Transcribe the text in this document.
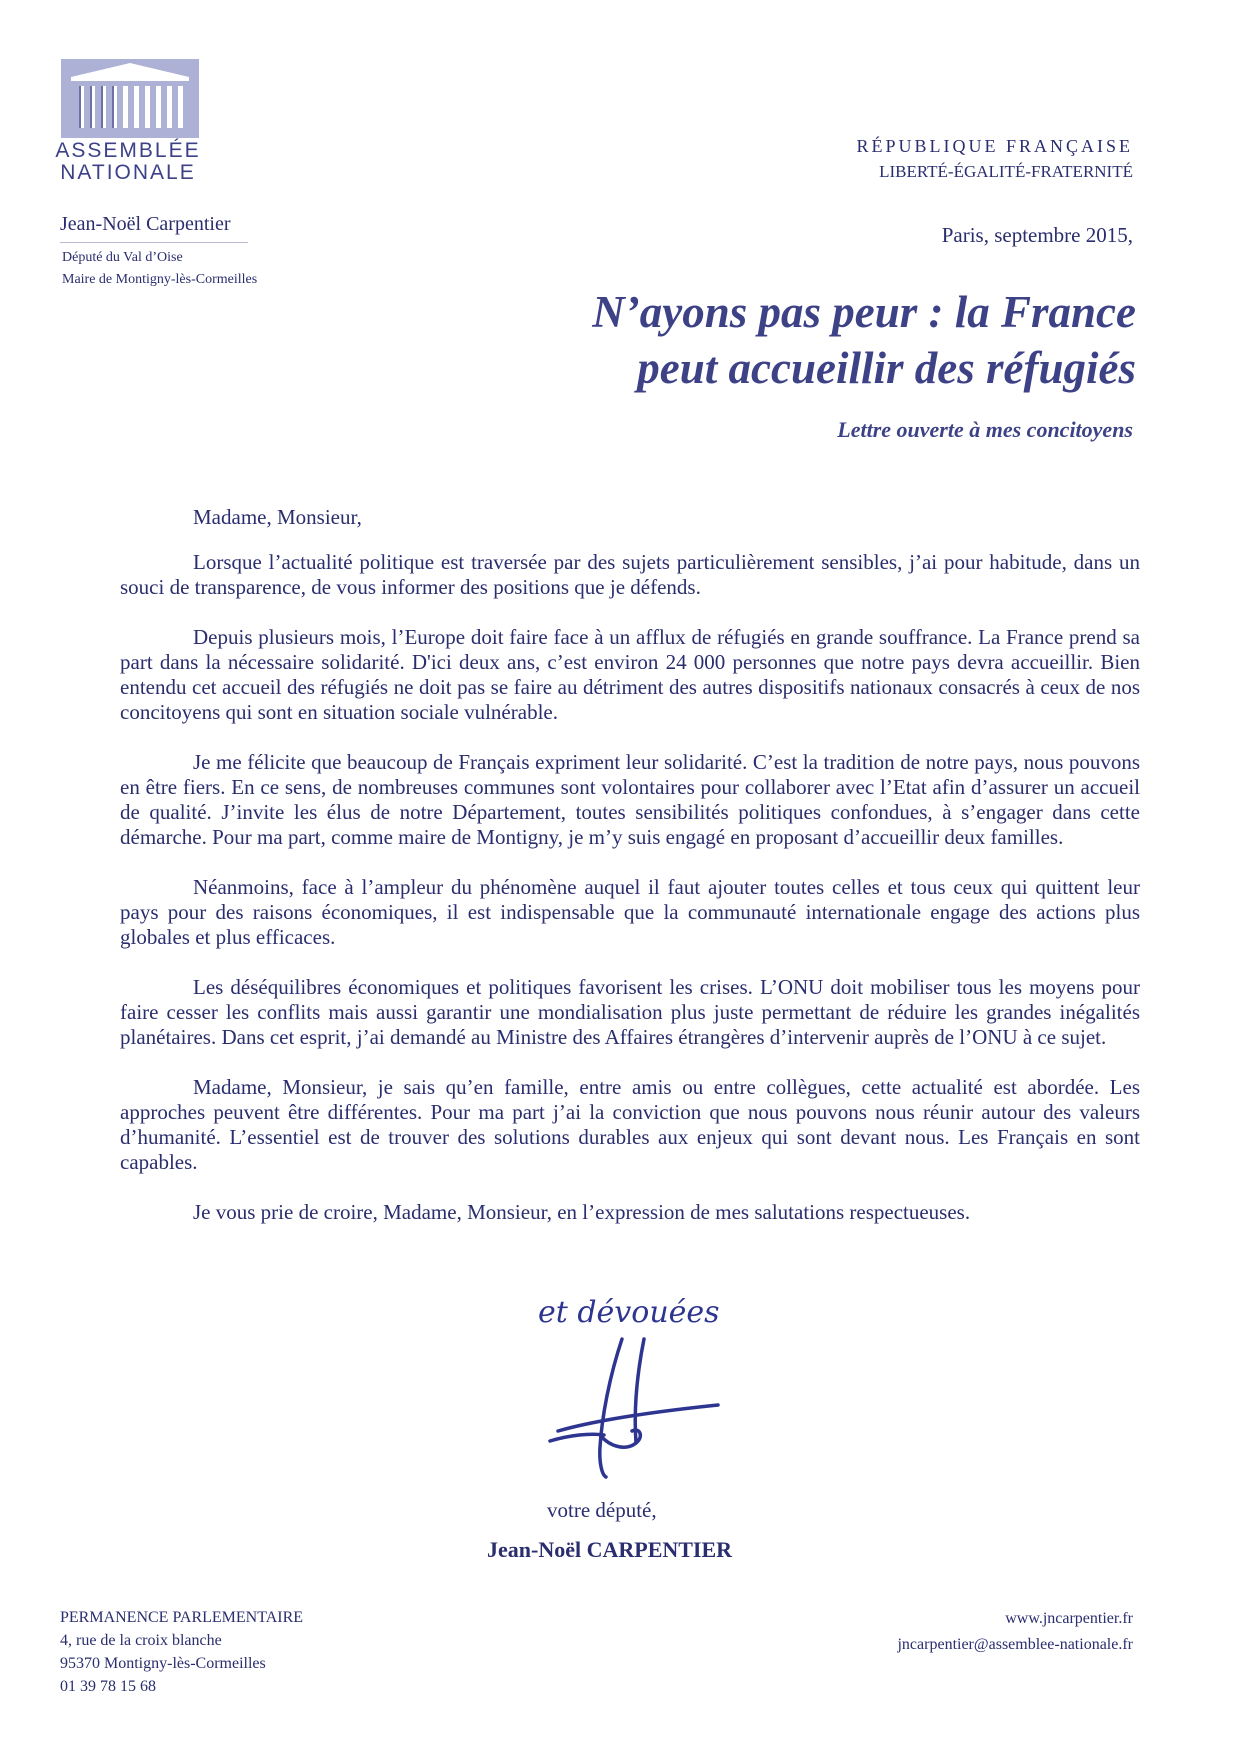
ASSEMBLÉE
NATIONALE
Jean-Noël Carpentier
Député du Val d’Oise
Maire de Montigny-lès-Cormeilles
RÉPUBLIQUE FRANÇAISE
LIBERTÉ-ÉGALITÉ-FRATERNITÉ
Paris, septembre 2015,
N’ayons pas peur : la France
peut accueillir des réfugiés
Lettre ouverte à mes concitoyens

Madame, Monsieur,

Lorsque l’actualité politique est traversée par des sujets particulièrement sensibles, j’ai pour habitude, dans un souci de transparence, de vous informer des positions que je défends.

Depuis plusieurs mois, l’Europe doit faire face à un afflux de réfugiés en grande souffrance. La France prend sa part dans la nécessaire solidarité. D'ici deux ans, c’est environ 24 000 personnes que notre pays devra accueillir. Bien entendu cet accueil des réfugiés ne doit pas se faire au détriment des autres dispositifs nationaux consacrés à ceux de nos concitoyens qui sont en situation sociale vulnérable.

Je me félicite que beaucoup de Français expriment leur solidarité. C’est la tradition de notre pays, nous pouvons en être fiers. En ce sens, de nombreuses communes sont volontaires pour collaborer avec l’Etat afin d’assurer un accueil de qualité. J’invite les élus de notre Département, toutes sensibilités politiques confondues, à s’engager dans cette démarche. Pour ma part, comme maire de Montigny, je m’y suis engagé en proposant d’accueillir deux familles.

Néanmoins, face à l’ampleur du phénomène auquel il faut ajouter toutes celles et tous ceux qui quittent leur pays pour des raisons économiques, il est indispensable que la communauté internationale engage des actions plus globales et plus efficaces.

Les déséquilibres économiques et politiques favorisent les crises. L’ONU doit mobiliser tous les moyens pour faire cesser les conflits mais aussi garantir une mondialisation plus juste permettant de réduire les grandes inégalités planétaires. Dans cet esprit, j’ai demandé au Ministre des Affaires étrangères d’intervenir auprès de l’ONU à ce sujet.

Madame, Monsieur, je sais qu’en famille, entre amis ou entre collègues, cette actualité est abordée. Les approches peuvent être différentes. Pour ma part j’ai la conviction que nous pouvons nous réunir autour des valeurs d’humanité. L’essentiel est de trouver des solutions durables aux enjeux qui sont devant nous. Les Français en sont capables.

Je vous prie de croire, Madame, Monsieur, en l’expression de mes salutations respectueuses.

et dévouées
votre député,
Jean-Noël CARPENTIER
PERMANENCE PARLEMENTAIRE
4, rue de la croix blanche
95370 Montigny-lès-Cormeilles
01 39 78 15 68
www.jncarpentier.fr
jncarpentier@assemblee-nationale.fr
